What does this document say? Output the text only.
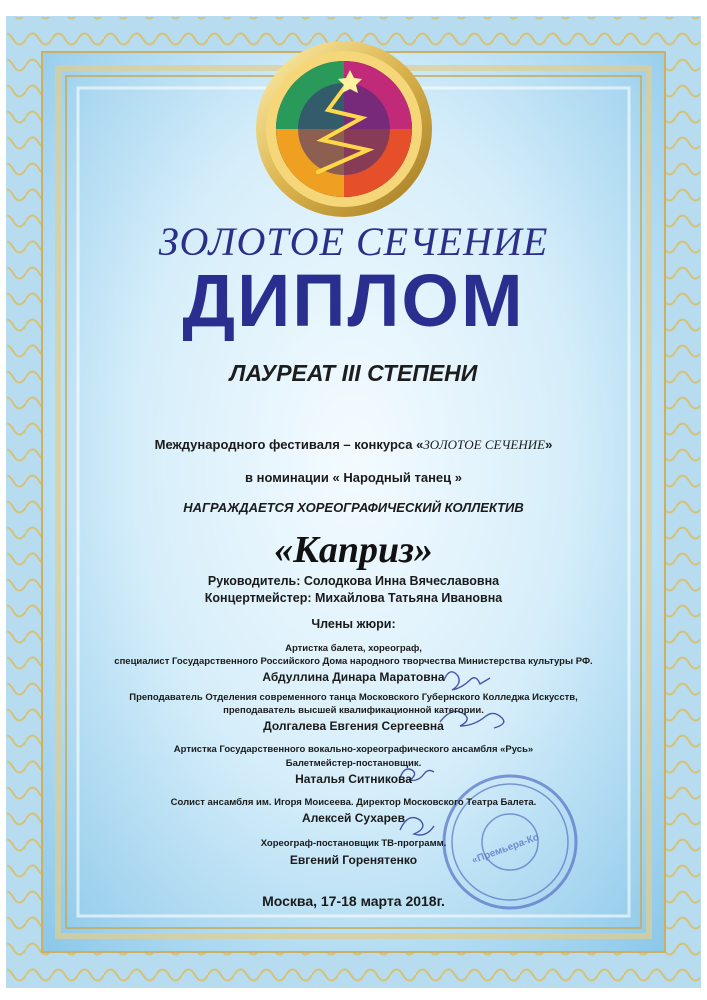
ЗОЛОТОЕ СЕЧЕНИЕ
ДИПЛОМ
ЛАУРЕАТ III СТЕПЕНИ
Международного фестиваля – конкурса «ЗОЛОТОЕ СЕЧЕНИЕ»
в номинации « Народный танец »
НАГРАЖДАЕТСЯ ХОРЕОГРАФИЧЕСКИЙ КОЛЛЕКТИВ
«Каприз»
Руководитель: Солодкова Инна Вячеславовна
Концертмейстер: Михайлова Татьяна Ивановна
Члены жюри:
Артистка балета, хореограф,
специалист Государственного Российского Дома народного творчества Министерства культуры РФ.
Абдуллина Динара Маратовна
Преподаватель Отделения современного танца Московского Губернского Колледжа Искусств,
преподаватель высшей квалификационной категории.
Долгалева Евгения Сергеевна
Артистка Государственного вокально-хореографического ансамбля «Русь»
Балетмейстер-постановщик.
Наталья Ситникова
Солист ансамбля им. Игоря Моисеева. Директор Московского Театра Балета.
Алексей Сухарев
Хореограф-постановщик ТВ-программ.
Евгений Горенятенко	«Премьера-Ко
Москва, 17-18 марта 2018г.
